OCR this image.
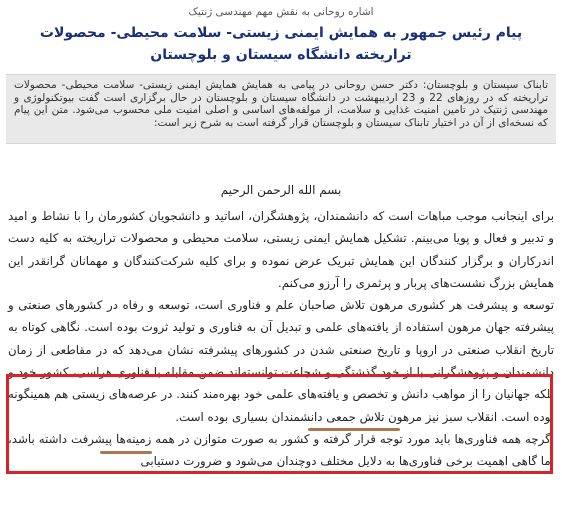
اشاره روحانی به نقش مهم مهندسی ژنتیک
پیام رئیس جمهور به همایش ایمنی زیستی- سلامت محیطی- محصولات تراریخته دانشگاه سیستان و بلوچستان
تابناک سیستان و بلوچستان: دکتر حسن روحانی در پیامی به همایش همایش ایمنی زیستی- سلامت محیطی- محصولات تراریخته که در روزهای 22 و 23 اردیبهشت در دانشگاه سیستان و بلوچستان در حال برگزاری است گفت بیوتکنولوژی و مهندسی ژنتیک در تامین امنیت غذایی و سلامت، از مولفه‌های اساسی و اصلی امنیت ملی محسوب می‌شود. متن این پیام که نسخه‌ای از آن در اختیار تابناک سیستان و بلوچستان قرار گرفته است به شرح زیر است:
بسم الله الرحمن الرحیم

برای اینجانب موجب مباهات است که دانشمندان، پژوهشگران، اساتید و دانشجویان کشورمان را با نشاط و امید و تدبیر و فعال و پویا می‌بینم. تشکیل همایش ایمنی زیستی، سلامت محیطی و محصولات تراریخته به کلیه دست اندرکاران و برگزار کنندگان این همایش تبریک عرض نموده و برای کلیه شرکت‌کنندگان و مهمانان گرانقدر این همایش بزرگ نشست‌های پربار و پرثمری را آرزو می‌کنم.

توسعه و پیشرفت هر کشوری مرهون تلاش صاحبان علم و فناوری است، توسعه و رفاه در کشورهای صنعتی و پیشرفته جهان مرهون استفاده از یافته‌های علمی و تبدیل آن به فناوری و تولید ثروت بوده است. نگاهی کوتاه به تاریخ انقلاب صنعتی در اروپا و تاریخ صنعتی شدن در کشورهای پیشرفته نشان می‌دهد که در مقاطعی از زمان دانشمندان و پژوهشگرانی با از خود گذشتگی و شجاعت توانسته‌اند ضمن مقابله با فناوری هراسی، کشور خود و بلکه جهانیان را از مواهب دانش و تخصص و یافته‌های علمی خود بهره‌مند کنند. در عرصه‌های زیستی هم همینگونه بوده است. انقلاب سبز نیز مرهون تلاش جمعی دانشمندان بسیاری بوده است.

اگرچه همه فناوری‌ها باید مورد توجه قرار گرفته و کشور به صورت متوازن در همه زمینه‌ها پیشرفت داشته باشد، اما گاهی اهمیت برخی فناوری‌ها به دلایل مختلف دوچندان می‌شود و ضرورت دستیابی
